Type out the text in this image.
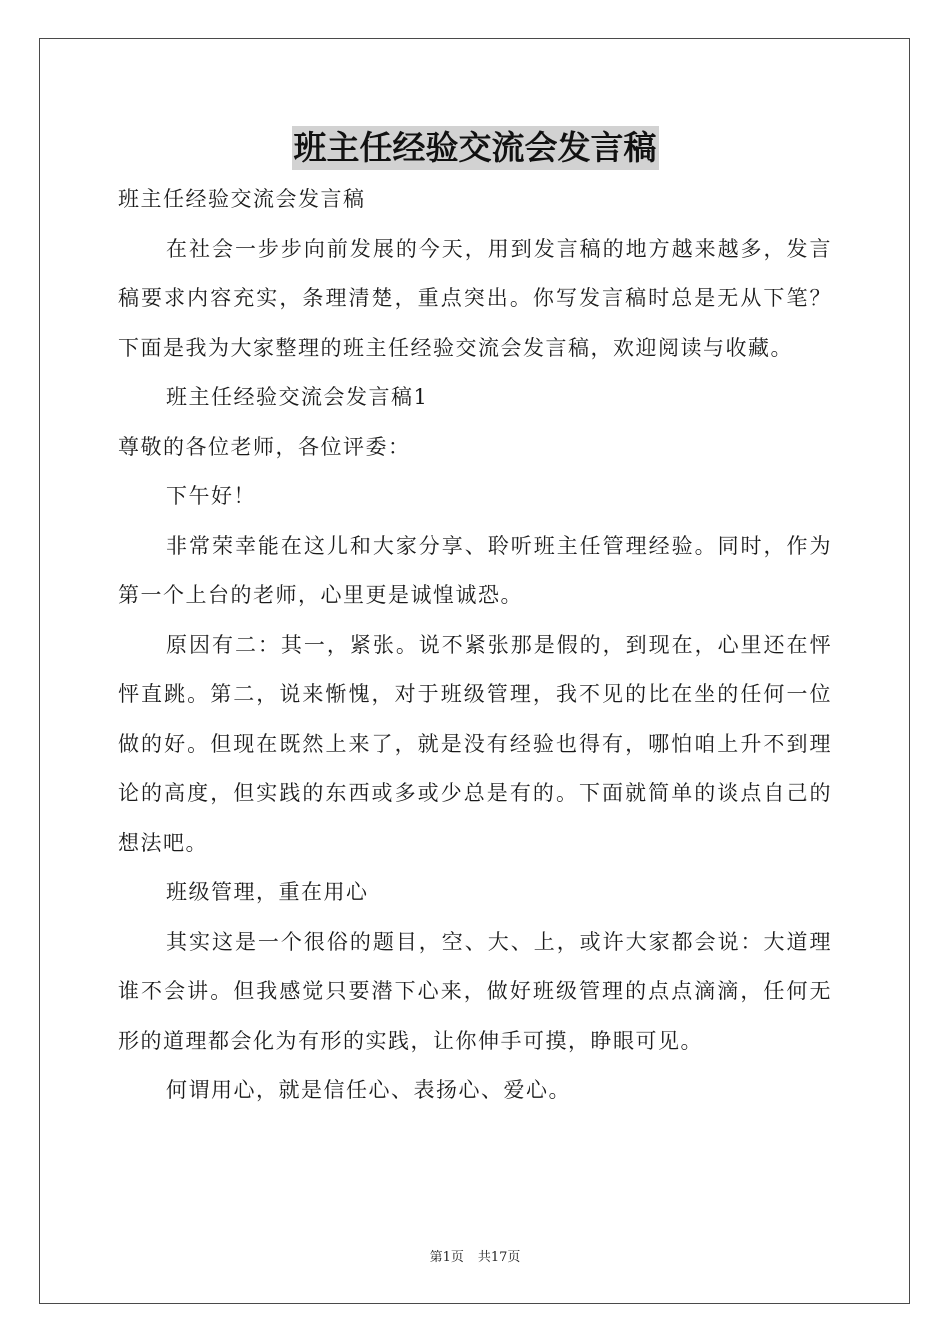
班主任经验交流会发言稿

班主任经验交流会发言稿

在社会一步步向前发展的今天，用到发言稿的地方越来越多，发言稿要求内容充实，条理清楚，重点突出。你写发言稿时总是无从下笔？下面是我为大家整理的班主任经验交流会发言稿，欢迎阅读与收藏。

班主任经验交流会发言稿1

尊敬的各位老师，各位评委：

下午好！

非常荣幸能在这儿和大家分享、聆听班主任管理经验。同时，作为第一个上台的老师，心里更是诚惶诚恐。

原因有二：其一，紧张。说不紧张那是假的，到现在，心里还在怦怦直跳。第二，说来惭愧，对于班级管理，我不见的比在坐的任何一位做的好。但现在既然上来了，就是没有经验也得有，哪怕咱上升不到理论的高度，但实践的东西或多或少总是有的。下面就简单的谈点自己的想法吧。

班级管理，重在用心

其实这是一个很俗的题目，空、大、上，或许大家都会说：大道理谁不会讲。但我感觉只要潜下心来，做好班级管理的点点滴滴，任何无形的道理都会化为有形的实践，让你伸手可摸，睁眼可见。

何谓用心，就是信任心、表扬心、爱心。

第1页 共17页
